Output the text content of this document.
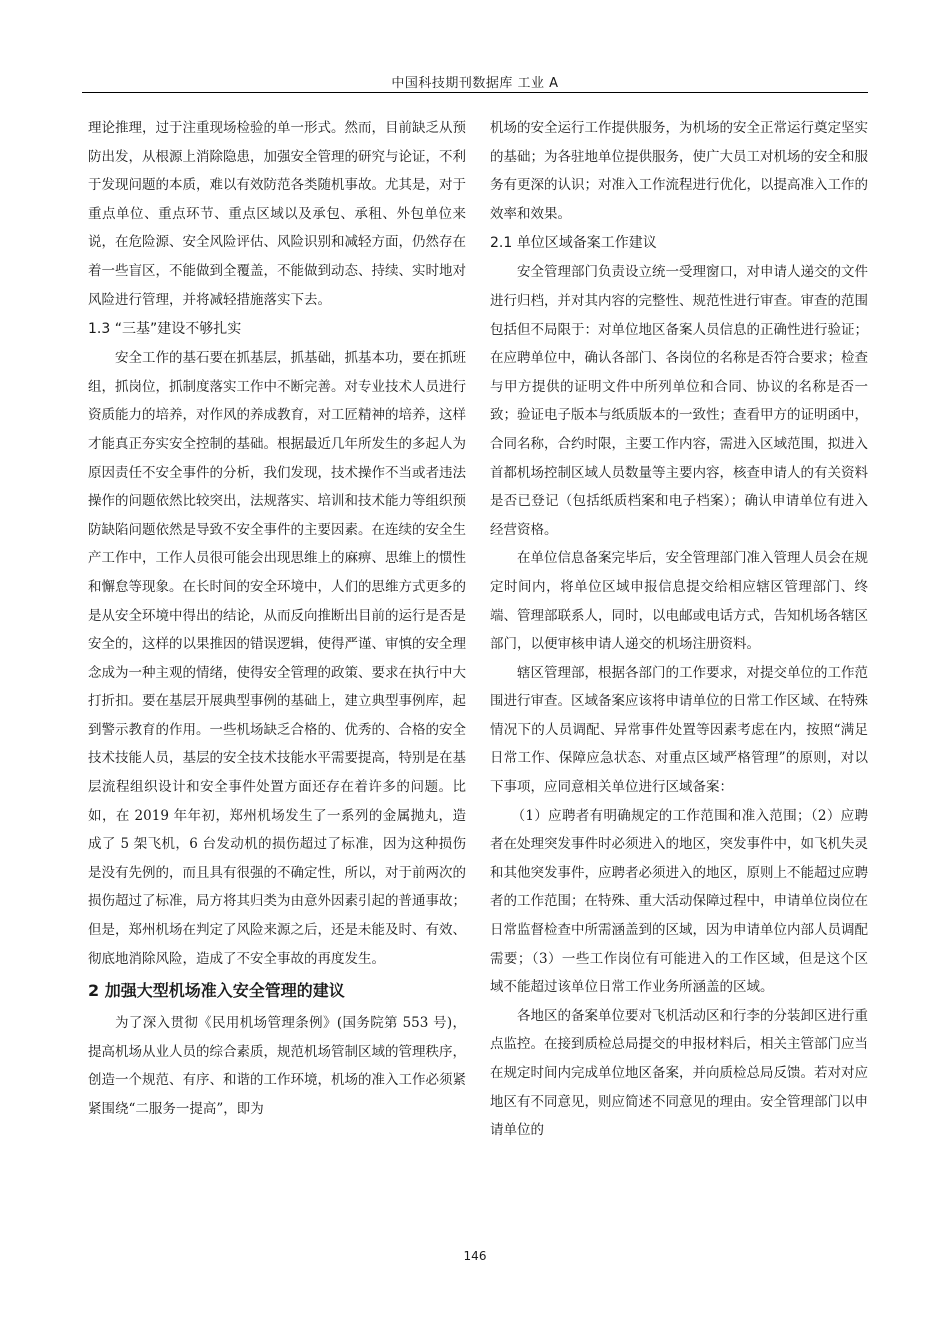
中国科技期刊数据库 工业 A

理论推理，过于注重现场检验的单一形式。然而，目前缺乏从预防出发，从根源上消除隐患，加强安全管理的研究与论证，不利于发现问题的本质，难以有效防范各类随机事故。尤其是，对于重点单位、重点环节、重点区域以及承包、承租、外包单位来说，在危险源、安全风险评估、风险识别和减轻方面，仍然存在着一些盲区，不能做到全覆盖，不能做到动态、持续、实时地对风险进行管理，并将减轻措施落实下去。

1.3 “三基”建设不够扎实

安全工作的基石要在抓基层，抓基础，抓基本功，要在抓班组，抓岗位，抓制度落实工作中不断完善。对专业技术人员进行资质能力的培养，对作风的养成教育，对工匠精神的培养，这样才能真正夯实安全控制的基础。根据最近几年所发生的多起人为原因责任不安全事件的分析，我们发现，技术操作不当或者违法操作的问题依然比较突出，法规落实、培训和技术能力等组织预防缺陷问题依然是导致不安全事件的主要因素。在连续的安全生产工作中，工作人员很可能会出现思维上的麻痹、思维上的惯性和懈怠等现象。在长时间的安全环境中，人们的思维方式更多的是从安全环境中得出的结论，从而反向推断出目前的运行是否是安全的，这样的以果推因的错误逻辑，使得严谨、审慎的安全理念成为一种主观的情绪，使得安全管理的政策、要求在执行中大打折扣。要在基层开展典型事例的基础上，建立典型事例库，起到警示教育的作用。一些机场缺乏合格的、优秀的、合格的安全技术技能人员，基层的安全技术技能水平需要提高，特别是在基层流程组织设计和安全事件处置方面还存在着许多的问题。比如，在 2019 年年初，郑州机场发生了一系列的金属抛丸，造成了 5 架飞机，6 台发动机的损伤超过了标准，因为这种损伤是没有先例的，而且具有很强的不确定性，所以，对于前两次的损伤超过了标准，局方将其归类为由意外因素引起的普通事故；但是，郑州机场在判定了风险来源之后，还是未能及时、有效、彻底地消除风险，造成了不安全事故的再度发生。

2 加强大型机场准入安全管理的建议

为了深入贯彻《民用机场管理条例》(国务院第 553 号)，提高机场从业人员的综合素质，规范机场管制区域的管理秩序，创造一个规范、有序、和谐的工作环境，机场的准入工作必须紧紧围绕“二服务一提高”，即为

机场的安全运行工作提供服务，为机场的安全正常运行奠定坚实的基础；为各驻地单位提供服务，使广大员工对机场的安全和服务有更深的认识；对准入工作流程进行优化，以提高准入工作的效率和效果。

2.1 单位区域备案工作建议

安全管理部门负责设立统一受理窗口，对申请人递交的文件进行归档，并对其内容的完整性、规范性进行审查。审查的范围包括但不局限于：对单位地区备案人员信息的正确性进行验证；在应聘单位中，确认各部门、各岗位的名称是否符合要求；检查与甲方提供的证明文件中所列单位和合同、协议的名称是否一致；验证电子版本与纸质版本的一致性；查看甲方的证明函中，合同名称，合约时限，主要工作内容，需进入区域范围，拟进入首都机场控制区域人员数量等主要内容，核查申请人的有关资料是否已登记（包括纸质档案和电子档案）；确认申请单位有进入经营资格。

在单位信息备案完毕后，安全管理部门准入管理人员会在规定时间内，将单位区域申报信息提交给相应辖区管理部门、终端、管理部联系人，同时，以电邮或电话方式，告知机场各辖区部门，以便审核申请人递交的机场注册资料。

辖区管理部，根据各部门的工作要求，对提交单位的工作范围进行审查。区域备案应该将申请单位的日常工作区域、在特殊情况下的人员调配、异常事件处置等因素考虑在内，按照“满足日常工作、保障应急状态、对重点区域严格管理”的原则，对以下事项，应同意相关单位进行区域备案：

（1）应聘者有明确规定的工作范围和准入范围；（2）应聘者在处理突发事件时必须进入的地区，突发事件中，如飞机失灵和其他突发事件，应聘者必须进入的地区，原则上不能超过应聘者的工作范围；在特殊、重大活动保障过程中，申请单位岗位在日常监督检查中所需涵盖到的区域，因为申请单位内部人员调配需要；（3）一些工作岗位有可能进入的工作区域，但是这个区域不能超过该单位日常工作业务所涵盖的区域。

各地区的备案单位要对飞机活动区和行李的分装卸区进行重点监控。在接到质检总局提交的申报材料后，相关主管部门应当在规定时间内完成单位地区备案，并向质检总局反馈。若对对应地区有不同意见，则应简述不同意见的理由。安全管理部门以申请单位的

146
